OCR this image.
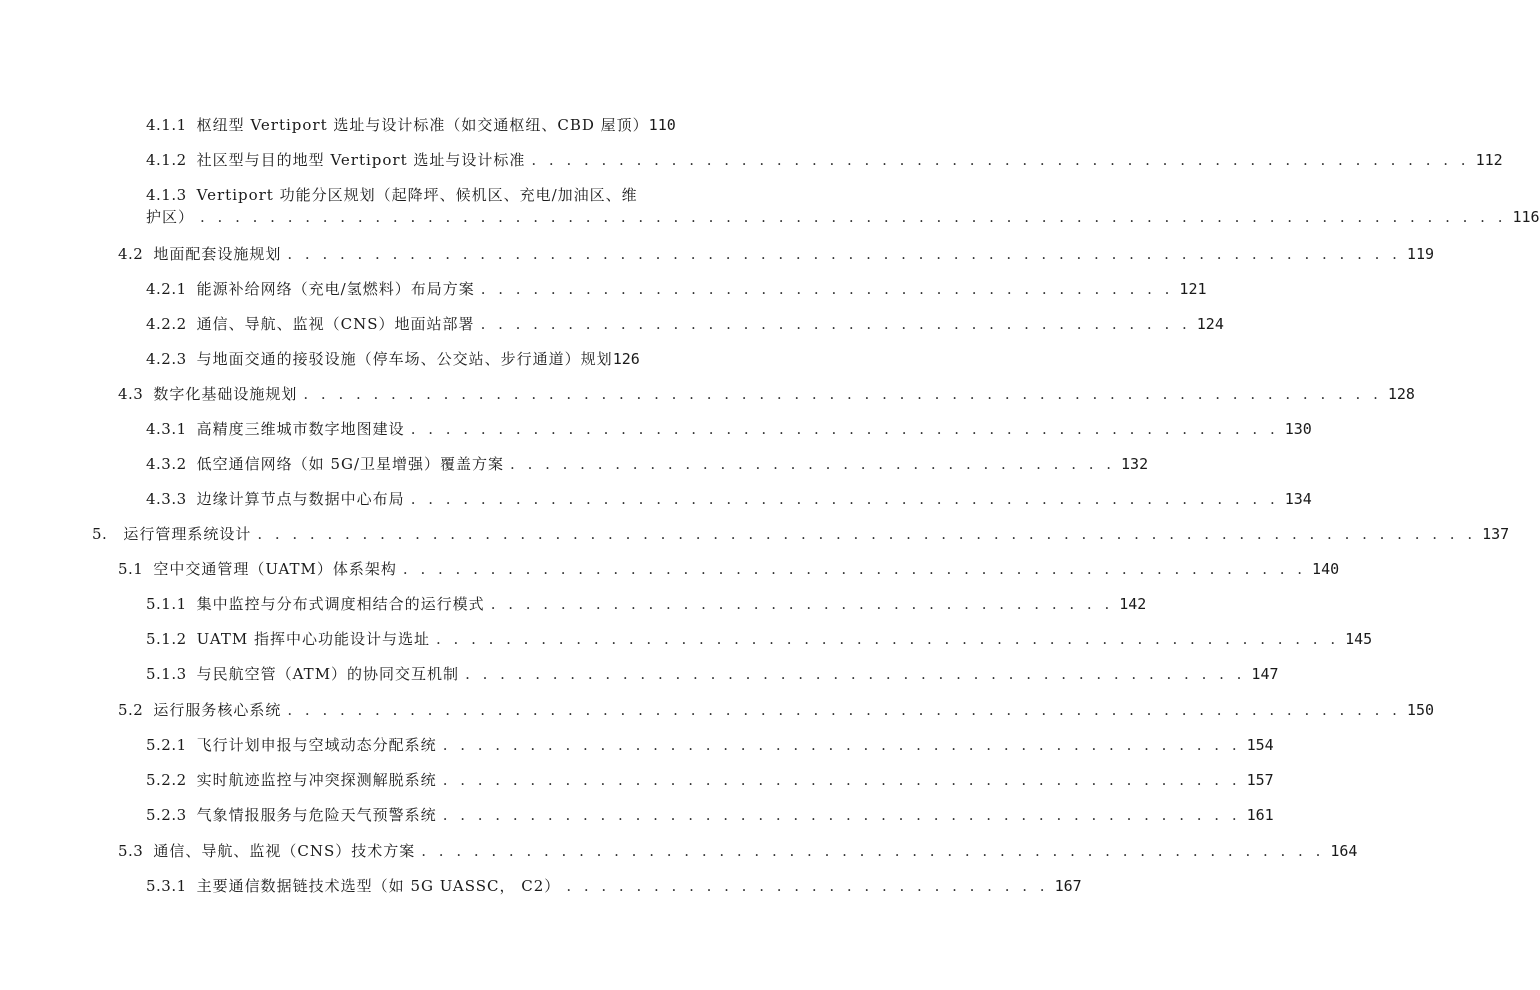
4.1.1 枢纽型 Vertiport 选址与设计标准（如交通枢纽、CBD 屋顶） 110
4.1.2 社区型与目的地型 Vertiport 选址与设计标准 . . . . . . . . . . . . . . . . . . . . . . . . . . . . . . . . . . . . . . . . . . . . . . . . . . . . . . 112
4.1.3 Vertiport 功能分区规划（起降坪、候机区、充电/加油区、维
护区） . . . . . . . . . . . . . . . . . . . . . . . . . . . . . . . . . . . . . . . . . . . . . . . . . . . . . . . . . . . . . . . . . . . . . . . . . . . 116
4.2 地面配套设施规划 . . . . . . . . . . . . . . . . . . . . . . . . . . . . . . . . . . . . . . . . . . . . . . . . . . . . . . . . . . . . . . . . 119
4.2.1 能源补给网络（充电/氢燃料）布局方案 . . . . . . . . . . . . . . . . . . . . . . . . . . . . . . . . . . . . . . . . 121
4.2.2 通信、导航、监视（CNS）地面站部署 . . . . . . . . . . . . . . . . . . . . . . . . . . . . . . . . . . . . . . . . . 124
4.2.3 与地面交通的接驳设施（停车场、公交站、步行通道）规划 126
4.3 数字化基础设施规划 . . . . . . . . . . . . . . . . . . . . . . . . . . . . . . . . . . . . . . . . . . . . . . . . . . . . . . . . . . . . . . 128
4.3.1 高精度三维城市数字地图建设 . . . . . . . . . . . . . . . . . . . . . . . . . . . . . . . . . . . . . . . . . . . . . . . . . . 130
4.3.2 低空通信网络（如 5G/卫星增强）覆盖方案 . . . . . . . . . . . . . . . . . . . . . . . . . . . . . . . . . . . 132
4.3.3 边缘计算节点与数据中心布局 . . . . . . . . . . . . . . . . . . . . . . . . . . . . . . . . . . . . . . . . . . . . . . . . . . 134
5. 运行管理系统设计 . . . . . . . . . . . . . . . . . . . . . . . . . . . . . . . . . . . . . . . . . . . . . . . . . . . . . . . . . . . . . . . . . . . . . . 137
5.1 空中交通管理（UATM）体系架构 . . . . . . . . . . . . . . . . . . . . . . . . . . . . . . . . . . . . . . . . . . . . . . . . . . . . 140
5.1.1 集中监控与分布式调度相结合的运行模式 . . . . . . . . . . . . . . . . . . . . . . . . . . . . . . . . . . . . 142
5.1.2 UATM 指挥中心功能设计与选址 . . . . . . . . . . . . . . . . . . . . . . . . . . . . . . . . . . . . . . . . . . . . . . . . . . . . 145
5.1.3 与民航空管（ATM）的协同交互机制 . . . . . . . . . . . . . . . . . . . . . . . . . . . . . . . . . . . . . . . . . . . . . 147
5.2 运行服务核心系统 . . . . . . . . . . . . . . . . . . . . . . . . . . . . . . . . . . . . . . . . . . . . . . . . . . . . . . . . . . . . . . . . 150
5.2.1 飞行计划申报与空域动态分配系统 . . . . . . . . . . . . . . . . . . . . . . . . . . . . . . . . . . . . . . . . . . . . . . 154
5.2.2 实时航迹监控与冲突探测解脱系统 . . . . . . . . . . . . . . . . . . . . . . . . . . . . . . . . . . . . . . . . . . . . . . 157
5.2.3 气象情报服务与危险天气预警系统 . . . . . . . . . . . . . . . . . . . . . . . . . . . . . . . . . . . . . . . . . . . . . . 161
5.3 通信、导航、监视（CNS）技术方案 . . . . . . . . . . . . . . . . . . . . . . . . . . . . . . . . . . . . . . . . . . . . . . . . . . . . 164
5.3.1 主要通信数据链技术选型（如 5G UASSC， C2） . . . . . . . . . . . . . . . . . . . . . . . . . . . . 167
